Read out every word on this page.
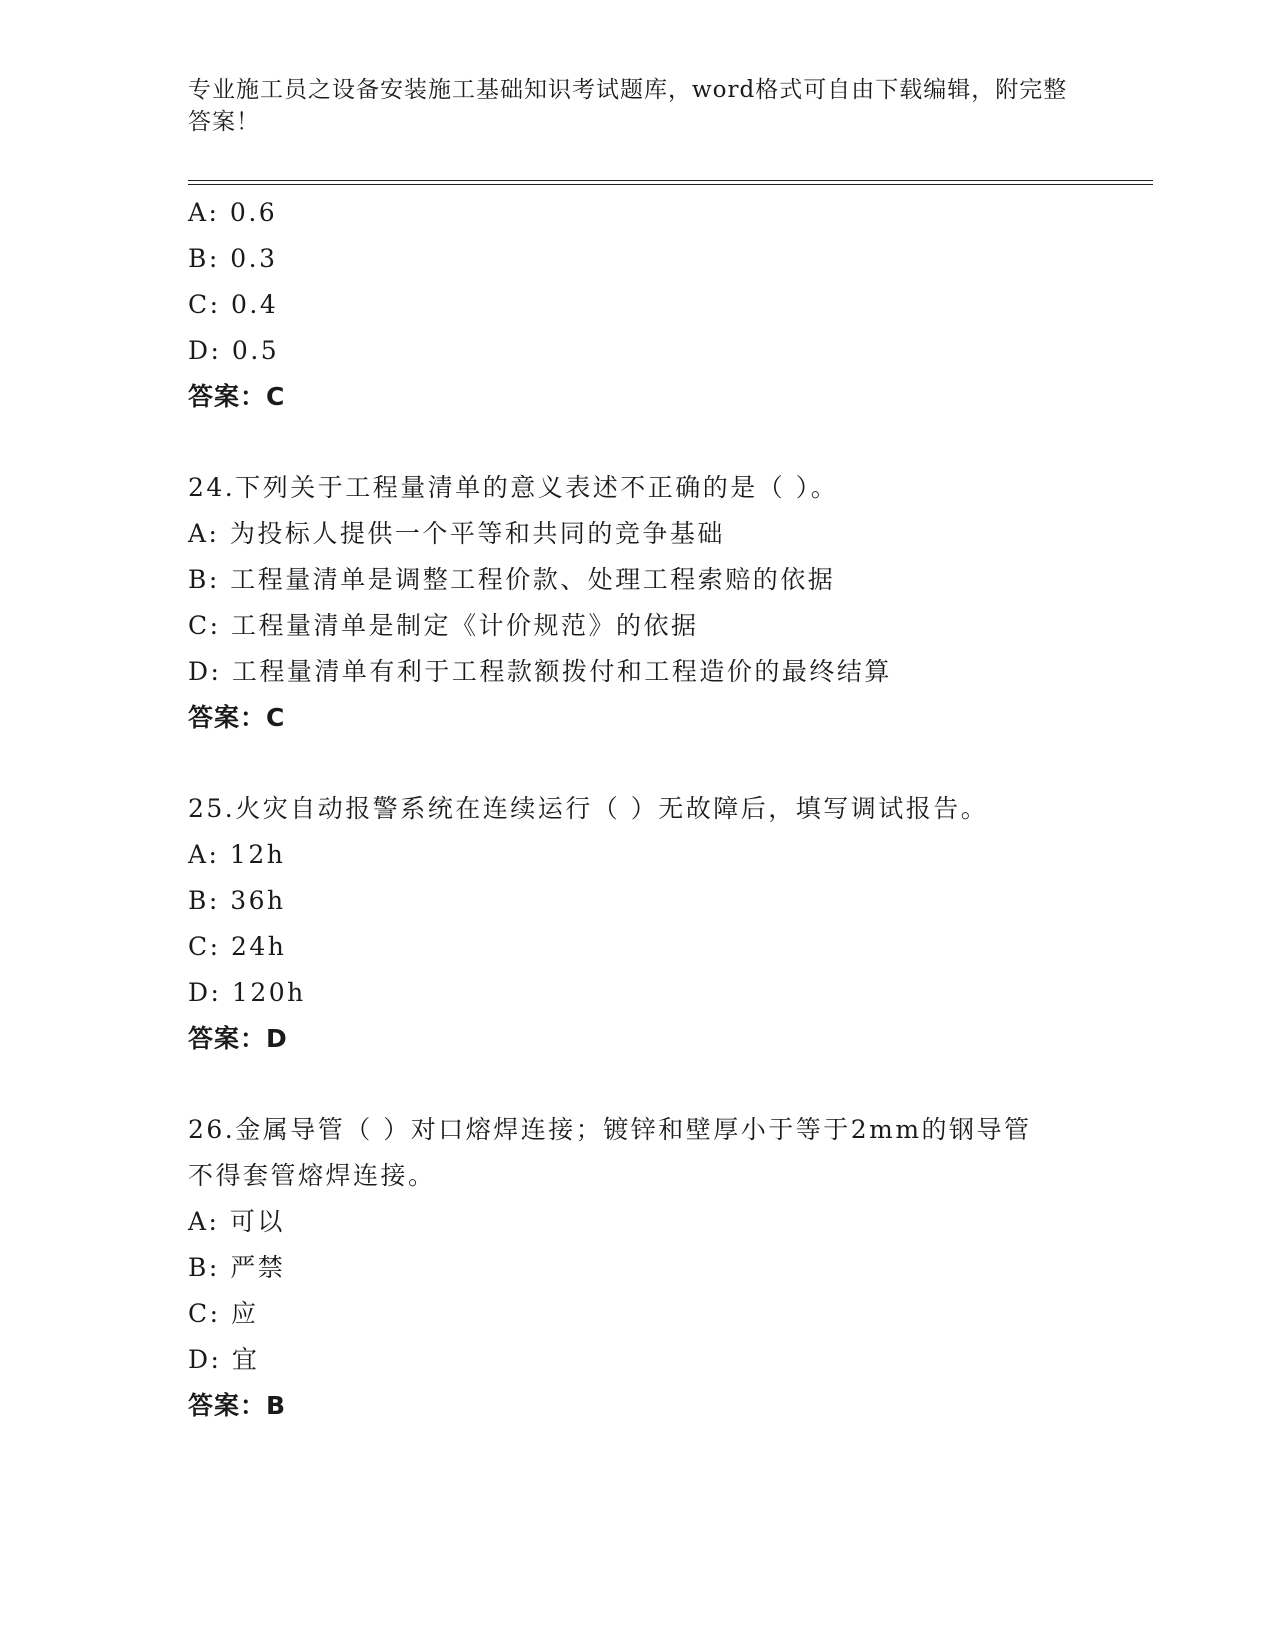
专业施工员之设备安装施工基础知识考试题库，word格式可自由下载编辑，附完整答案！
A: 0.6
B: 0.3
C: 0.4
D: 0.5
答案：C
24.下列关于工程量清单的意义表述不正确的是（ ）。
A: 为投标人提供一个平等和共同的竞争基础
B: 工程量清单是调整工程价款、处理工程索赔的依据
C: 工程量清单是制定《计价规范》的依据
D: 工程量清单有利于工程款额拨付和工程造价的最终结算
答案：C
25.火灾自动报警系统在连续运行（ ）无故障后，填写调试报告。
A: 12h
B: 36h
C: 24h
D: 120h
答案：D
26.金属导管（ ）对口熔焊连接；镀锌和壁厚小于等于2mm的钢导管
不得套管熔焊连接。
A: 可以
B: 严禁
C: 应
D: 宜
答案：B
